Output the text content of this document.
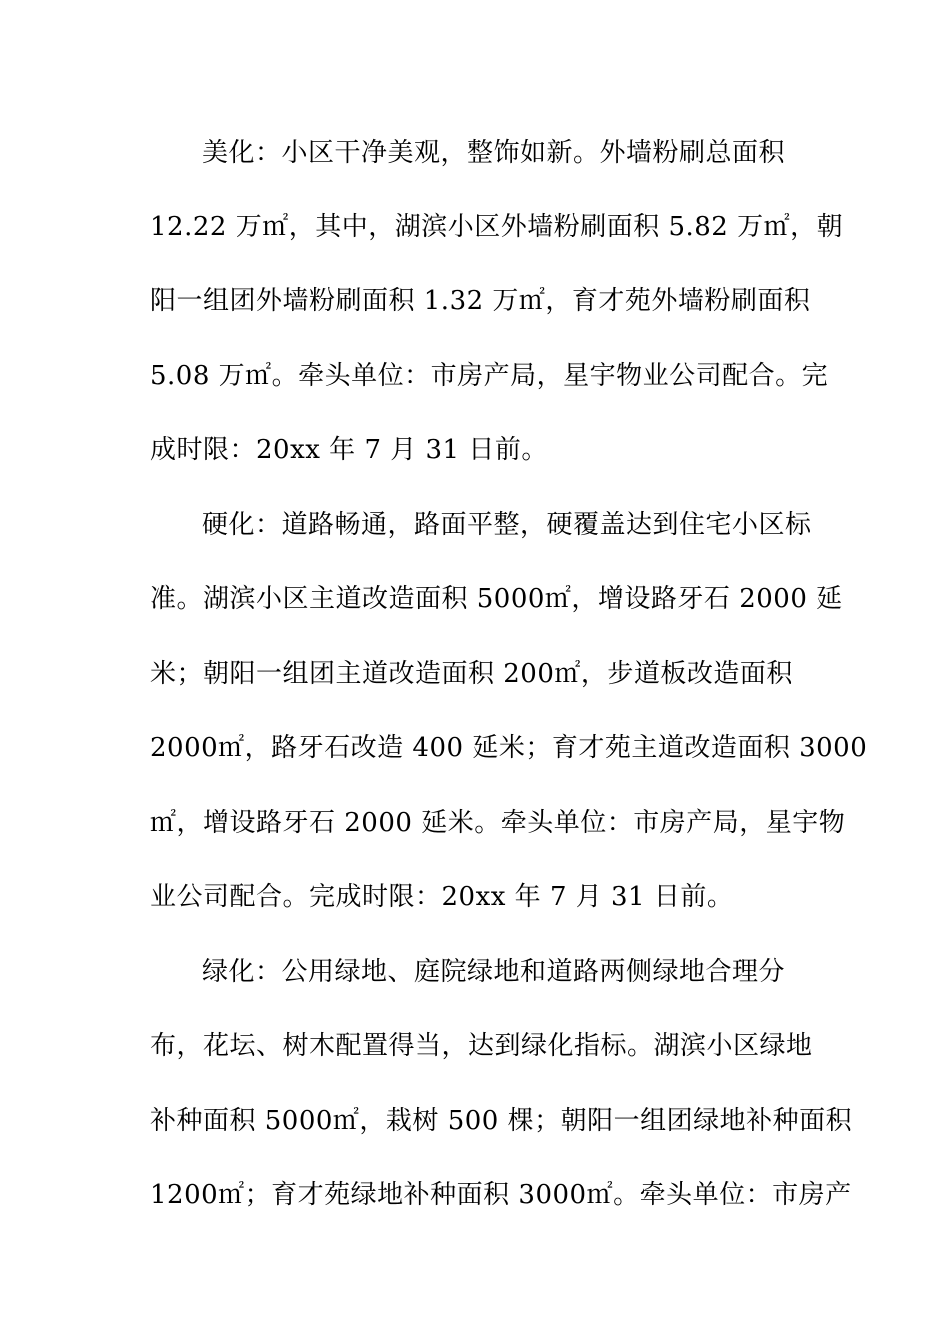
美化：小区干净美观，整饰如新。外墙粉刷总面积
12.22 万㎡，其中，湖滨小区外墙粉刷面积 5.82 万㎡，朝
阳一组团外墙粉刷面积 1.32 万㎡，育才苑外墙粉刷面积
5.08 万㎡。牵头单位：市房产局，星宇物业公司配合。完
成时限：20xx 年 7 月 31 日前。
硬化：道路畅通，路面平整，硬覆盖达到住宅小区标
准。湖滨小区主道改造面积 5000㎡，增设路牙石 2000 延
米；朝阳一组团主道改造面积 200㎡，步道板改造面积
2000㎡，路牙石改造 400 延米；育才苑主道改造面积 3000
㎡，增设路牙石 2000 延米。牵头单位：市房产局，星宇物
业公司配合。完成时限：20xx 年 7 月 31 日前。
绿化：公用绿地、庭院绿地和道路两侧绿地合理分
布，花坛、树木配置得当，达到绿化指标。湖滨小区绿地
补种面积 5000㎡，栽树 500 棵；朝阳一组团绿地补种面积
1200㎡；育才苑绿地补种面积 3000㎡。牵头单位：市房产
